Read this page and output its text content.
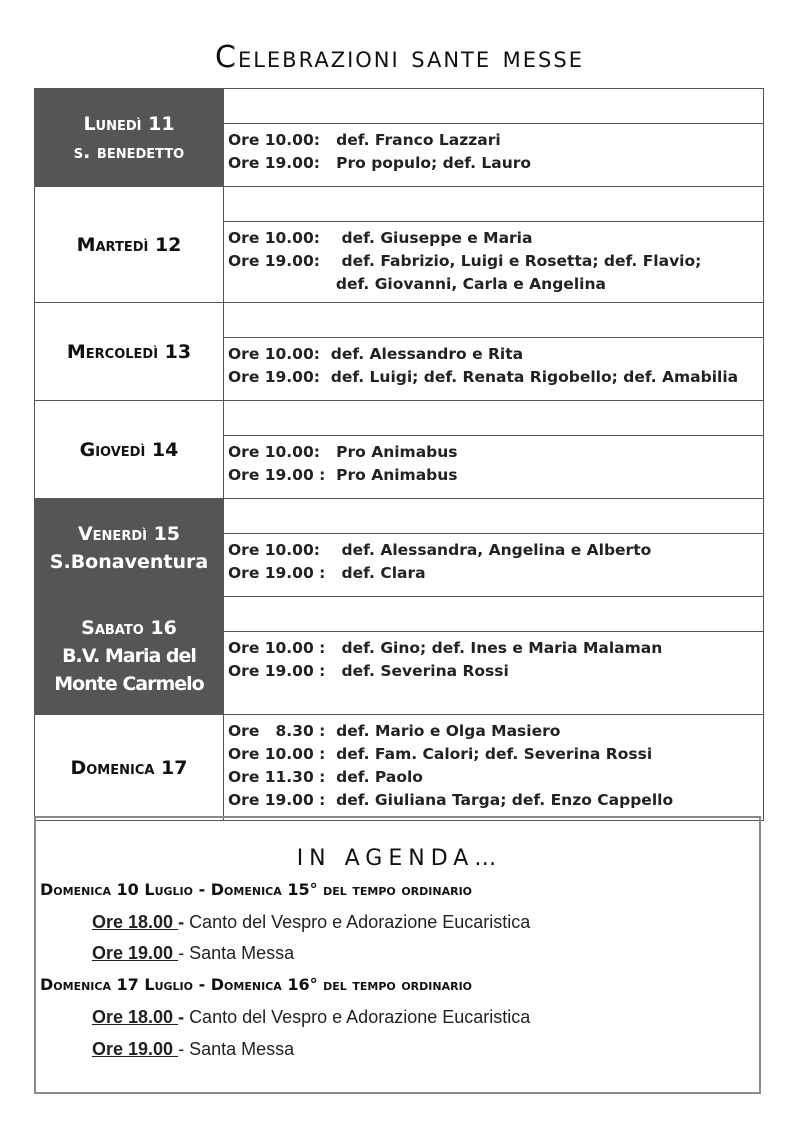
Celebrazioni sante messe
Lunedì 11
s. benedetto	

	Ore 10.00:   def. Franco Lazzari
Ore 19.00:   Pro populo; def. Lauro

Martedì 12	

	Ore 10.00:    def. Giuseppe e Maria
Ore 19.00:    def. Fabrizio, Luigi e Rosetta; def. Flavio;
def. Giovanni, Carla e Angelina

Mercoledì 13	

	Ore 10.00:  def. Alessandro e Rita
Ore 19.00:  def. Luigi; def. Renata Rigobello; def. Amabilia

Giovedì 14	

	Ore 10.00:   Pro Animabus
Ore 19.00 :  Pro Animabus

Venerdì 15
S.Bonaventura	

	Ore 10.00:    def. Alessandra, Angelina e Alberto
Ore 19.00 :   def. Clara

Sabato 16
B.V. Maria del
Monte Carmelo	

	Ore 10.00 :   def. Gino; def. Ines e Maria Malaman
Ore 19.00 :   def. Severina Rossi

Domenica 17	Ore   8.30 :  def. Mario e Olga Masiero
Ore 10.00 :  def. Fam. Calori; def. Severina Rossi
Ore 11.30 :  def. Paolo
Ore 19.00 :  def. Giuliana Targa; def. Enzo Cappello
IN AGENDA…
Domenica 10 Luglio - Domenica 15° del tempo ordinario
Ore 18.00 - Canto del Vespro e Adorazione Eucaristica
Ore 19.00 - Santa Messa
Domenica 17 Luglio - Domenica 16° del tempo ordinario
Ore 18.00 - Canto del Vespro e Adorazione Eucaristica
Ore 19.00 - Santa Messa
